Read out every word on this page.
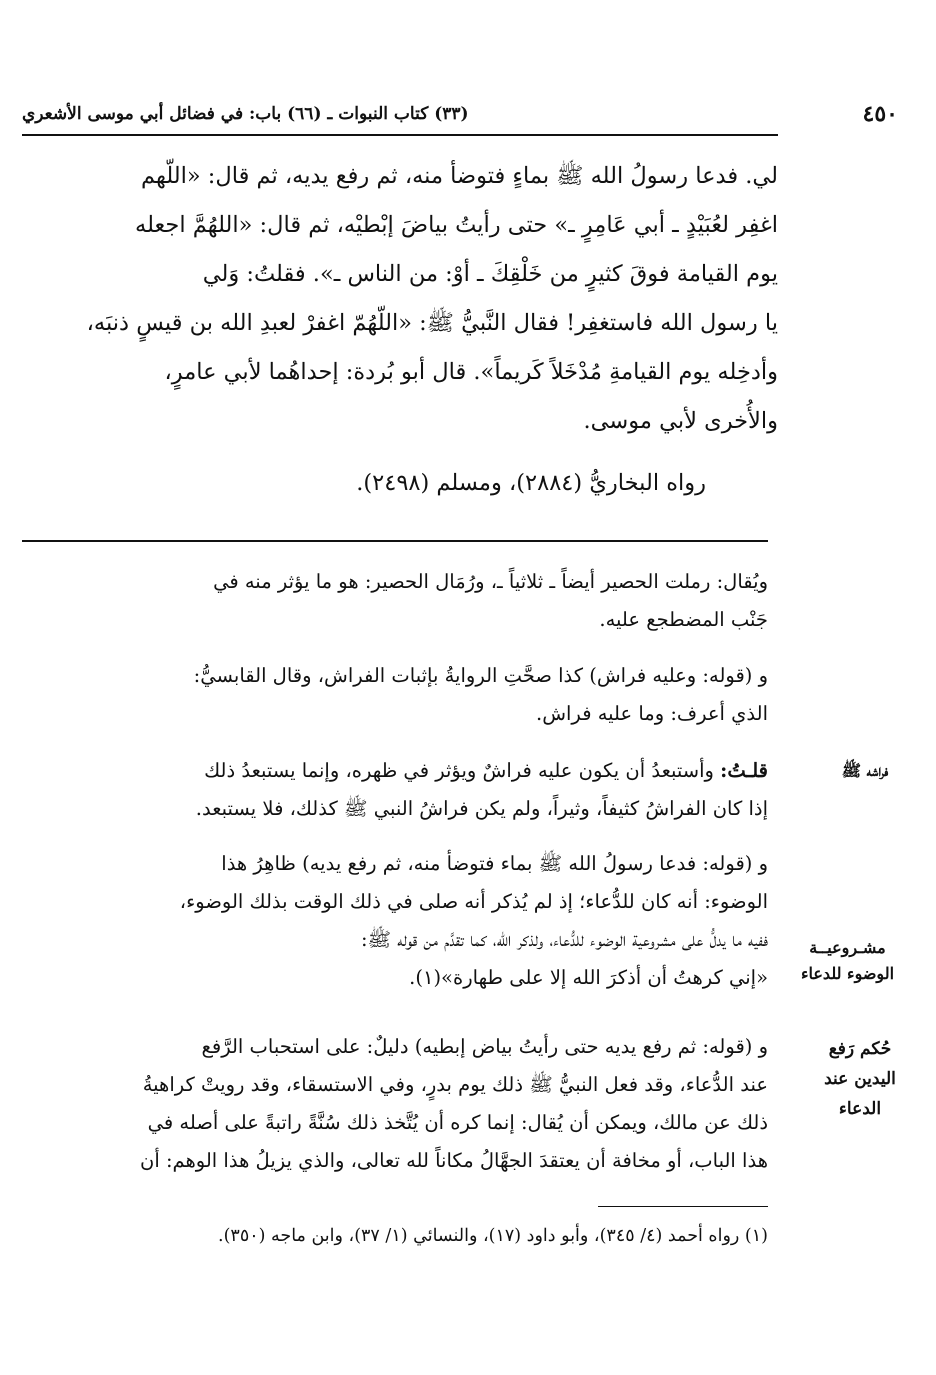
٤٥٠
(٣٣) كتاب النبوات ـ (٦٦) باب: في فضائل أبي موسى الأشعري

لي. فدعا رسولُ الله ﷺ بماءٍ فتوضأ منه، ثم رفع يديه، ثم قال: «اللّهم

اغفِر لعُبَيْدٍ ـ أبي عَامِرٍ ـ» حتى رأيتُ بياضَ إبْطيْه، ثم قال: «اللهُمَّ اجعله

يوم القيامة فوقَ كثيرٍ من خَلْقِكَ ـ أوْ: من الناس ـ». فقلتُ: وَلي

يا رسول الله فاستغفِر! فقال النَّبيُّ ﷺ: «اللّهُمّ اغفرْ لعبدِ الله بن قيسٍ ذنبَه،

وأدخِله يوم القيامةِ مُدْخَلاً كَريماً». قال أبو بُردة: إحداهُما لأبي عامرٍ،

والأُخرى لأبي موسى.

رواه البخاريُّ (٢٨٨٤)، ومسلم (٢٤٩٨).

ويُقال: رملت الحصير أيضاً ـ ثلاثياً ـ، ورُمَال الحصير: هو ما يؤثر منه في

جَنْب المضطجع عليه.

و (قوله: وعليه فراش) كذا صحَّتِ الروايةُ بإثبات الفراش، وقال القابسيُّ:

الذي أعرف: وما عليه فراش.

قلـتُ: وأستبعدُ أن يكون عليه فراشٌ ويؤثر في ظهره، وإنما يستبعدُ ذلك

إذا كان الفراشُ كثيفاً، وثيراً، ولم يكن فراشُ النبي ﷺ كذلك، فلا يستبعد.

و (قوله: فدعا رسولُ الله ﷺ بماء فتوضأ منه، ثم رفع يديه) ظاهِرُ هذا

الوضوء: أنه كان للدُّعاء؛ إذ لم يُذكر أنه صلى في ذلك الوقت بذلك الوضوء،

ففيه ما يدلُّ على مشروعية الوضوء للدُّعاء، ولذكر الله، كما تقدَّم من قوله ﷺ:

«إني كرهتُ أن أذكرَ الله إلا على طهارة»(١).

و (قوله: ثم رفع يديه حتى رأيتُ بياض إبطيه) دليلٌ: على استحباب الرَّفع

عند الدُّعاء، وقد فعل النبيُّ ﷺ ذلك يوم بدرٍ، وفي الاستسقاء، وقد رويتْ كراهيةُ

ذلك عن مالك، ويمكن أن يُقال: إنما كره أن يُتَّخذ ذلك سُنَّةً راتبةً على أصله في

هذا الباب، أو مخافة أن يعتقدَ الجهَّالُ مكاناً لله تعالى، والذي يزيلُ هذا الوهم: أن

فراشه ﷺ
مشـروعيــة
الوضوء للدعاء
حُكم رَفع
اليدين عند
الدعاء
(١) رواه أحمد (٤/ ٣٤٥)، وأبو داود (١٧)، والنسائي (١/ ٣٧)، وابن ماجه (٣٥٠).
